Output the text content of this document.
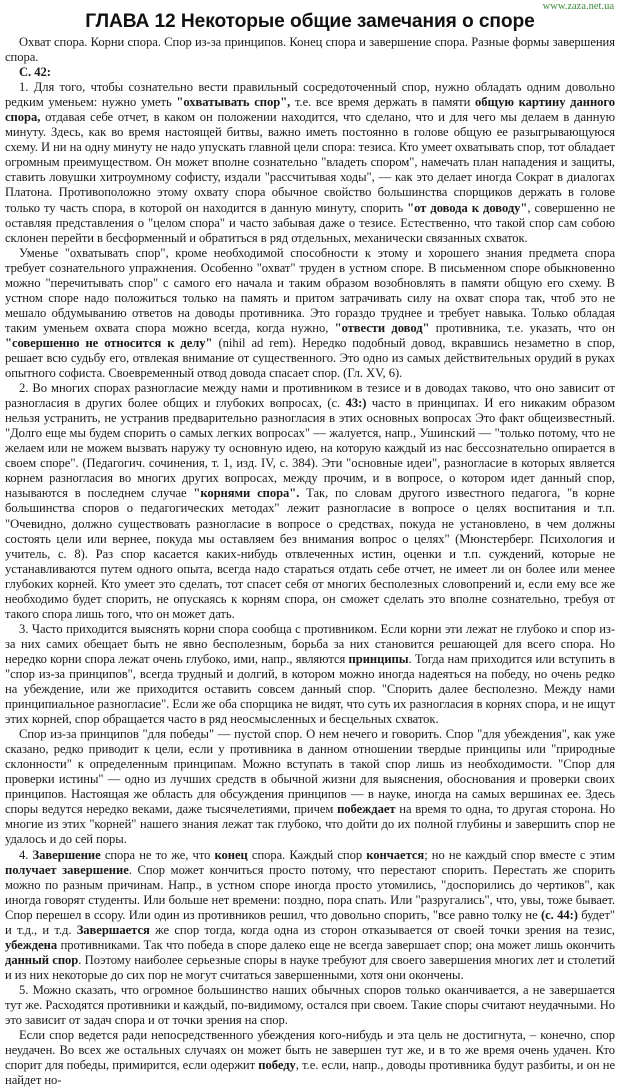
www.zaza.net.ua
ГЛАВА 12 Некоторые общие замечания о споре

Охват спора. Корни спора. Спор из-за принципов. Конец спора и завершение спора. Разные формы завершения спора.

С. 42:

1. Для того, чтобы сознательно вести правильный сосредоточенный спор, нужно обладать одним довольно редким уменьем: нужно уметь "охватывать спор", т.е. все время держать в памяти общую картину данного спора, отдавая себе отчет, в каком он положении находится, что сделано, что и для чего мы делаем в данную минуту. Здесь, как во время настоящей битвы, важно иметь постоянно в голове общую ее разыгрывающуюся схему. И ни на одну минуту не надо упускать главной цели спора: тезиса. Кто умеет охватывать спор, тот обладает огромным преимуществом. Он может вполне сознательно "владеть спором", намечать план нападения и защиты, ставить ловушки хитроумному софисту, издали "рассчитывая ходы", — как это делает иногда Сократ в диалогах Платона. Противоположно этому охвату спора обычное свойство большинства спорщиков держать в голове только ту часть спора, в которой он находится в данную минуту, спорить "от довода к доводу", совершенно не оставляя представления о "целом спора" и часто забывая даже о тезисе. Естественно, что такой спор сам собою склонен перейти в бесформенный и обратиться в ряд отдельных, механически связанных схваток.

Уменье "охватывать спор", кроме необходимой способности к этому и хорошего знания предмета спора требует сознательного упражнения. Особенно "охват" труден в устном споре. В письменном споре обыкновенно можно "перечитывать спор" с самого его начала и таким образом возобновлять в памяти общую его схему. В устном споре надо положиться только на память и притом затрачивать силу на охват спора так, чтоб это не мешало обдумыванию ответов на доводы противника. Это гораздо труднее и требует навыка. Только обладая таким уменьем охвата спора можно всегда, когда нужно, "отвести довод" противника, т.е. указать, что он "совершенно не относится к делу" (nihil ad rem). Нередко подобный довод, вкравшись незаметно в спор, решает всю судьбу его, отвлекая внимание от существенного. Это одно из самых действительных орудий в руках опытного софиста. Своевременный отвод довода спасает спор. (Гл. XV, 6).

2. Во многих спорах разногласие между нами и противником в тезисе и в доводах таково, что оно зависит от разногласия в других более общих и глубоких вопросах, (с. 43:) часто в принципах. И его никаким образом нельзя устранить, не устранив предварительно разногласия в этих основных вопросах Это факт общеизвестный. "Долго еще мы будем спорить о самых легких вопросах" — жалуется, напр., Ушинский — "только потому, что не желаем или не можем вызвать наружу ту основную идею, на которую каждый из нас бессознательно опирается в своем споре". (Педагогич. сочинения, т. 1, изд. IV, с. 384). Эти "основные идеи", разногласие в которых является корнем разногласия во многих других вопросах, между прочим, и в вопросе, о котором идет данный спор, называются в последнем случае "корнями спора". Так, по словам другого известного педагога, "в корне большинства споров о педагогических методах" лежит разногласие в вопросе о целях воспитания и т.п. "Очевидно, должно существовать разногласие в вопросе о средствах, покуда не установлено, в чем должны состоять цели или вернее, покуда мы оставляем без внимания вопрос о целях" (Мюнстерберг. Психология и учитель, с. 8). Раз спор касается каких-нибудь отвлеченных истин, оценки и т.п. суждений, которые не устанавливаются путем одного опыта, всегда надо стараться отдать себе отчет, не имеет ли он более или менее глубоких корней. Кто умеет это сделать, тот спасет себя от многих бесполезных словопрений и, если ему все же необходимо будет спорить, не опускаясь к корням спора, он сможет сделать это вполне сознательно, требуя от такого спора лишь того, что он может дать.

3. Часто приходится выяснять корни спора сообща с противником. Если корни эти лежат не глубоко и спор из-за них самих обещает быть не явно бесполезным, борьба за них становится решающей для всего спора. Но нередко корни спора лежат очень глубоко, ими, напр., являются принципы. Тогда нам приходится или вступить в "спор из-за принципов", всегда трудный и долгий, в котором можно иногда надеяться на победу, но очень редко на убеждение, или же приходится оставить совсем данный спор. "Спорить далее бесполезно. Между нами принципиальное разногласие". Если же оба спорщика не видят, что суть их разногласия в корнях спора, и не ищут этих корней, спор обращается часто в ряд неосмысленных и бесцельных схваток.

Спор из-за принципов "для победы" — пустой спор. О нем нечего и говорить. Спор "для убеждения", как уже сказано, редко приводит к цели, если у противника в данном отношении твердые принципы или "природные склонности" к определенным принципам. Можно вступать в такой спор лишь из необходимости. "Спор для проверки истины" — одно из лучших средств в обычной жизни для выяснения, обоснования и проверки своих принципов. Настоящая же область для обсуждения принципов — в науке, иногда на самых вершинах ее. Здесь споры ведутся нередко веками, даже тысячелетиями, причем побеждает на время то одна, то другая сторона. Но многие из этих "корней" нашего знания лежат так глубоко, что дойти до их полной глубины и завершить спор не удалось и до сей поры.

4. Завершение спора не то же, что конец спора. Каждый спор кончается; но не каждый спор вместе с этим получает завершение. Спор может кончиться просто потому, что перестают спорить. Перестать же спорить можно по разным причинам. Напр., в устном споре иногда просто утомились, "доспорились до чертиков", как иногда говорят студенты. Или больше нет времени: поздно, пора спать. Или "разругались", что, увы, тоже бывает. Спор перешел в ссору. Или один из противников решил, что довольно спорить, "все равно толку не (с. 44:) будет" и т.д., и т.д. Завершается же спор тогда, когда одна из сторон отказывается от своей точки зрения на тезис, убеждена противниками. Так что победа в споре далеко еще не всегда завершает спор; она может лишь окончить данный спор. Поэтому наиболее серьезные споры в науке требуют для своего завершения многих лет и столетий и из них некоторые до сих пор не могут считаться завершенными, хотя они окончены.

5. Можно сказать, что огромное большинство наших обычных споров только оканчивается, а не завершается тут же. Расходятся противники и каждый, по-видимому, остался при своем. Такие споры считают неудачными. Но это зависит от задач спора и от точки зрения на спор.

Если спор ведется ради непосредственного убеждения кого-нибудь и эта цель не достигнута, – конечно, спор неудачен. Во всех же остальных случаях он может быть не завершен тут же, и в то же время очень удачен. Кто спорит для победы, примирится, если одержит победу, т.е. если, напр., доводы противника будут разбиты, и он не найдет но-
